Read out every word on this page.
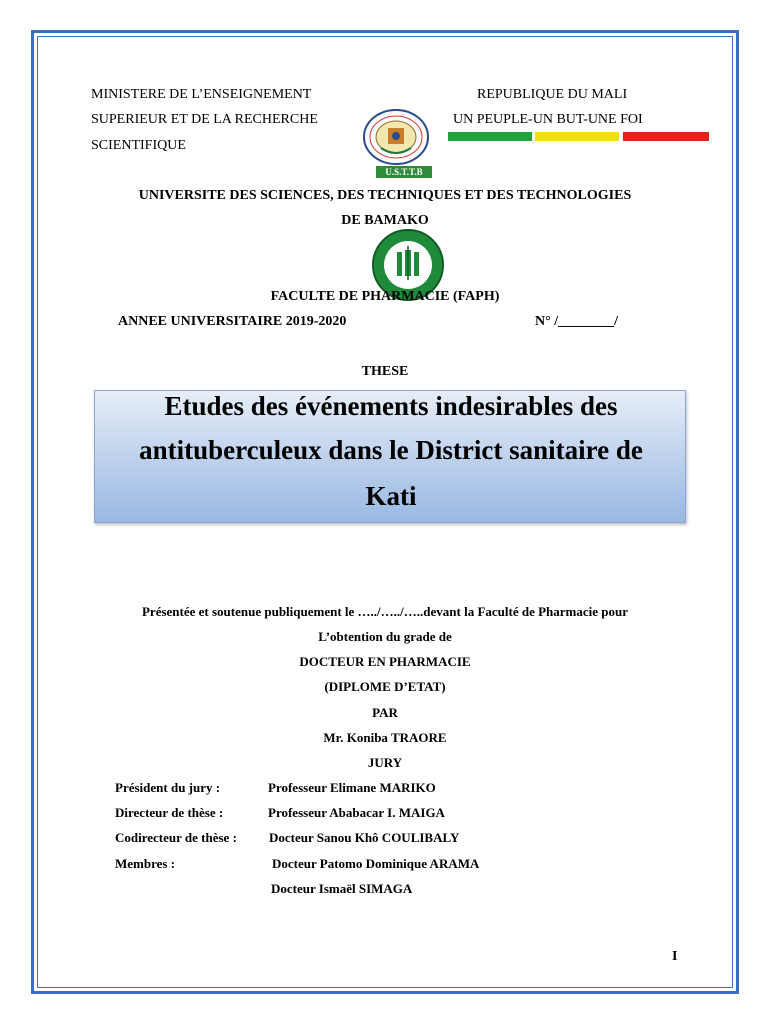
MINISTERE DE L’ENSEIGNEMENT
SUPERIEUR ET DE LA RECHERCHE
SCIENTIFIQUE
REPUBLIQUE DU MALI
UN PEUPLE-UN BUT-UNE FOI
U.S.T.T.B
UNIVERSITE DES SCIENCES, DES TECHNIQUES ET DES TECHNOLOGIES
DE BAMAKO
FACULTE DE PHARMACIE (FAPH)
ANNEE UNIVERSITAIRE 2019-2020	N° /________/
THESE
Etudes des événements indesirables des
antituberculeux dans le District sanitaire de
Kati
Présentée et soutenue publiquement le …../…../…..devant la Faculté de Pharmacie pour
L’obtention du grade de
DOCTEUR EN PHARMACIE
(DIPLOME D’ETAT)
PAR
Mr. Koniba TRAORE
JURY
Président du jury :	Professeur Elimane MARIKO
Directeur de thèse :	Professeur Ababacar I. MAIGA
Codirecteur de thèse : Docteur Sanou Khô COULIBALY
Membres :	Docteur Patomo Dominique ARAMA
Docteur Ismaël SIMAGA
I
